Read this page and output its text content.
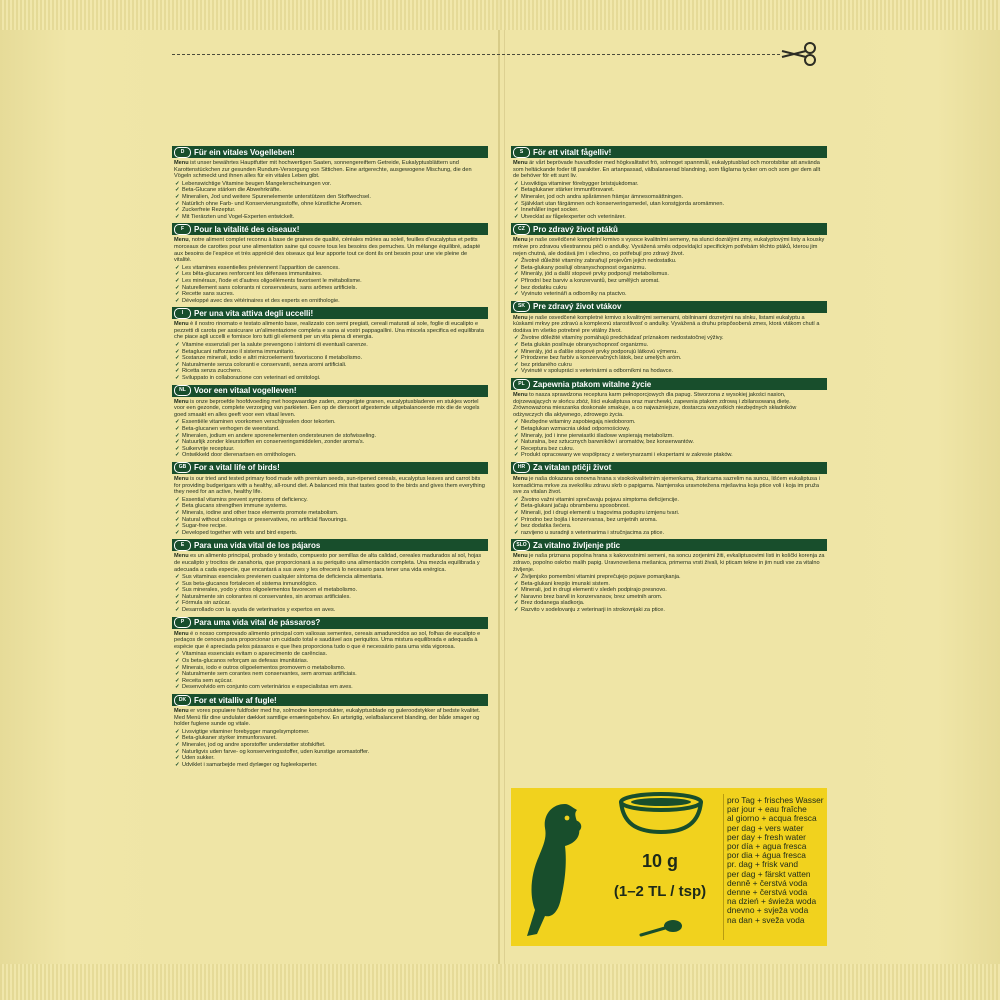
D	Für ein vitales Vogelleben!

Menu ist unser bewährtes Hauptfutter mit hochwertigen Saaten, sonnengereiftem Getreide, Eukalyptusblättern und Karottenstückchen zur gesunden Rundum-Versorgung von Sittichen. Eine artgerechte, ausgewogene Mischung, die den Vögeln schmeckt und ihnen alles für ein vitales Leben gibt.

✓ Lebenswichtige Vitamine beugen Mangelerscheinungen vor.
✓ Beta-Glucane stärken die Abwehrkräfte.
✓ Mineralien, Jod und weitere Spurenelemente unterstützen den Stoffwechsel.
✓ Natürlich ohne Farb- und Konservierungsstoffe, ohne künstliche Aromen.
✓ Zuckerfreie Rezeptur.
✓ Mit Tierärzten und Vogel-Experten entwickelt.
F	Pour la vitalité des oiseaux!

Menu, notre aliment complet reconnu à base de graines de qualité, céréales mûries au soleil, feuilles d'eucalyptus et petits morceaux de carottes pour une alimentation saine qui couvre tous les besoins des perruches. Un mélange équilibré, adapté aux besoins de l'espèce et très apprécié des oiseaux qui leur apporte tout ce dont ils ont besoin pour une vie pleine de vitalité.

✓ Les vitamines essentielles préviennent l'apparition de carences.
✓ Les bêta-glucanes renforcent les défenses immunitaires.
✓ Les minéraux, l'iode et d'autres oligoéléments favorisent le métabolisme.
✓ Naturellement sans colorants ni conservateurs, sans arômes artificiels.
✓ Recette sans sucres.
✓ Développé avec des vétérinaires et des experts en ornithologie.
I	Per una vita attiva degli uccelli!

Menu è il nostro rinomato e testato alimento base, realizzato con semi pregiati, cereali maturati al sole, foglie di eucalipto e pezzetti di carota per assicurare un'alimentazione completa e sana ai vostri pappagallini. Una miscela specifica ed equilibrata che piace agli uccelli e fornisce loro tutti gli elementi per un vita piena di energia.

✓ Vitamine essenziali per la salute prevengono i sintomi di eventuali carenze.
✓ Betaglucani rafforzano il sistema immunitario.
✓ Sostanze minerali, iodio e altri microelementi favoriscono il metabolismo.
✓ Naturalmente senza coloranti e conservanti, senza aromi artificiali.
✓ Ricetta senza zucchero.
✓ Sviluppato in collaborazione con veterinari ed ornitologi.
NL	Voor een vitaal vogelleven!

Menu is onze beproefde hoofdvoeding met hoogwaardige zaden, zongerijpte granen, eucalyptusbladeren en stukjes wortel voor een gezonde, complete verzorging van parkieten. Een op de diersoort afgestemde uitgebalanceerde mix die de vogels goed smaakt en alles geeft voor een vitaal leven.

✓ Essentiële vitaminen voorkomen verschijnselen door tekorten.
✓ Beta-glucanen verhogen de weerstand.
✓ Mineralen, jodium en andere sporenelementen ondersteunen de stofwisseling.
✓ Natuurlijk zonder kleurstoffen en conserveringsmiddelen, zonder aroma's.
✓ Suikervrije receptuur.
✓ Ontwikkeld door dierenartsen en ornithologen.
GB For a vital life of birds!

Menu is our tried and tested primary food made with premium seeds, sun-ripened cereals, eucalyptus leaves and carrot bits for providing budgerigars with a healthy, all-round diet. A balanced mix that tastes good to the birds and gives them everything they need for an active, healthy life.

✓ Essential vitamins prevent symptoms of deficiency.
✓ Beta glucans strengthen immune systems.
✓ Minerals, iodine and other trace elements promote metabolism.
✓ Natural without colourings or preservatives, no artificial flavourings.
✓ Sugar-free recipe.
✓ Developed together with vets and bird experts.
E	Para una vida vital de los pájaros

Menu es un alimento principal, probado y testado, compuesto por semillas de alta calidad, cereales madurados al sol, hojas de eucalipto y trocitos de zanahoria, que proporcionará a su periquito una alimentación completa. Una mezcla equilibrada y adecuada a cada especie, que encantará a sus aves y les ofrecerá lo necesario para tener una vida enérgica.

✓ Sus vitaminas esenciales previenen cualquier síntoma de deficiencia alimentaria.
✓ Sus beta-glucanos fortalecen el sistema inmunológico.
✓ Sus minerales, yodo y otros oligoelementos favorecen el metabolismo.
✓ Naturalmente sin colorantes ni conservantes, sin aromas artificiales.
✓ Fórmula sin azúcar.
✓ Desarrollado con la ayuda de veterinarios y expertos en aves.
P	Para uma vida vital de pássaros?

Menu é o nosso comprovado alimento principal com valiosas sementes, cereais amadurecidos ao sol, folhas de eucalipto e pedaços de cenoura para proporcionar um cuidado total e saudável aos periquitos. Uma mistura equilibrada e adequada à espécie que é apreciada pelos pássaros e que lhes proporciona tudo o que é necessário para uma vida vigorosa.

✓ Vitaminas essenciais evitam o aparecimento de carências.
✓ Os beta-glucanos reforçam as defesas imunitárias.
✓ Minerais, iodo e outros oligoelementos promovem o metabolismo.
✓ Naturalmente sem corantes nem conservantes, sem aromas artificiais.
✓ Receita sem açúcar.
✓ Desenvolvido em conjunto com veterinários e especialistas em aves.
DK For et vitalliv af fugle!

Menu er vores populære fuldfoder med frø, solmodne kornprodukter, eukalyptusblade og guleroodstykker af bedste kvalitet. Med Menü får dine undulater dækket samtlige ernæringsbehov. En artsrigtig, velafbalanceret blanding, der både smager og holder fuglene sunde og vitale.

✓ Livsvigtige vitaminer forebygger mangelsymptomer.
✓ Beta-glukaner styrker immunforsvaret.
✓ Mineraler, jod og andre sporstoffer understøtter stofskiftet.
✓ Naturligvis uden farve- og konserveringsstoffer, uden kunstige aromastoffer.
✓ Uden sukker.
✓ Udviklet i samarbejde med dyrlæger og fugleeksperter.
S	För ett vitalt fågelliv!

Menu är vårt beprövade huvudfoder med högkvalitativt frö, solmoget spannmål, eukalyptusblad och morotsbitar att använda som heltäckande foder till parakiter. En artanpassad, välbalanserad blandning, som fåglarna tycker om och som ger dem allt de behöver för ett sunt liv.

✓ Livsviktiga vitaminer förebygger bristsjukdomar.
✓ Betaglukaner stärker immunförsvaret.
✓ Mineraler, jod och andra spårämnen främjar ämnesomsättningen.
✓ Självklart utan färgämnen och konserveringsmedel, utan konstgjorda aromämnen.
✓ Innehåller inget socker.
✓ Utvecklat av fågelexperter och veterinärer.
CZ	Pro zdravý život ptáků

Menu je naše osvědčené kompletní krmivo s vysoce kvalitními semeny, na slunci dozrálými zrny, eukalyptovými listy a kousky mrkve pro zdravou všestrannou péči o andulky. Vyvážená směs odpovídající specifickým potřebám těchto ptáků, kterou jim nejen chutná, ale dodává jim i všechno, co potřebují pro zdravý život.

✓ Životně důležité vitamíny zabraňují projevům jejich nedostatku.
✓ Beta-glukany posilují obranyschopnost organizmu.
✓ Minerály, jód a další stopové prvky podporují metabolismus.
✓ Přírodní bez barviv a konzervantů, bez umělých aromat.
✓ bez dodatku cukru
✓ Vyvinuto veterináři a odborníky na ptactvo.
SK	Pre zdravý život vtákov

Menu je naše osvedčené kompletné krmivo s kvalitnými semenami, obilninami dozretými na slnku, listami eukalyptu a kúskami mrkvy pre zdravú a komplexnú starostlivosť o andulky. Vyvážená a druhu prispôsobená zmes, ktorá vtákom chutí a dodáva im všetko potrebné pre vitálny život.

✓ Životne dôležité vitamíny pomáhajú predchádzať príznakom nedostatočnej výživy.
✓ Beta glukán posilnuje obranyschopnosť organizmu.
✓ Minerály, jód a ďalšie stopové prvky podporujú látkovú výmenu.
✓ Prirodzene bez farbív a konzervačných látok, bez umelých aróm.
✓ bez pridaného cukru
✓ Vyvinuté v spolupráci s veterinármi a odborníkmi na hodavce.
PL	Zapewnia ptakom witalne życie

Menu to nasza sprawdzona receptura karm pełnoporcjowych dla papug. Stworzona z wysokiej jakości nasion, dojrzewających w słońcu zbóż, liści eukaliptusa oraz marchewki, zapewnia ptakom zdrową i zbilansowaną dietę. Zrównoważona mieszanka doskonale smakuje, a co najważniejsze, dostarcza wszystkich niezbędnych składników odżywczych dla aktywnego, zdrowego życia.

✓ Niezbędne witaminy zapobiegają niedoborom.
✓ Betaglukan wzmacnia układ odpornościowy.
✓ Minerały, jod i inne pierwiastki śladowe wspierają metabolizm.
✓ Naturalna, bez sztucznych barwników i aromatów, bez konserwantów.
✓ Receptura bez cukru.
✓ Produkt opracowany we współpracy z weterynarzami i ekspertami w zakresie ptaków.
HR Za vitalan ptičji život

Menu je naša dokazana osnovna hrana s visokokvalitetnim sjemenkama, žitaricama sazrelim na suncu, lišćem eukaliptusa i komadićima mrkve za svekoliku zdravu skrb o papigama. Namjenska uravnotežena mješavina koja ptice voli i koja im pruža sve za vitalan život.

✓ Životno važni vitamini sprečavaju pojavu simptoma deficijencije.
✓ Beta-glukani jačaju obrambenu sposobnost.
✓ Minerali, jod i drugi elementi u tragovima podupiru izmjenu tvari.
✓ Prirodno bez bojila i konzervansa, bez umjetnih aroma.
✓ bez dodatka šećera.
✓ razvijeno u suradnji s veterinarima i stručnjacima za ptice.
SLO Za vitalno življenje ptic

Menu je naša priznana popolna hrana s kakovostnimi semeni, na soncu zorjenimi žiti, evkaliptusovimi listi in koščki korenja za zdravo, popolno oskrbo malih papig. Uravnovešena mešanica, primerna vrsti živali, ki pticam tekne in jim nudi vse za vitalno življenje.

✓ Življenjsko pomembni vitamini preprečujejo pojave pomanjkanja.
✓ Beta-glukani krepijo imunski sistem.
✓ Minerali, jod in drugi elementi v sledeh podpirajo presnovo.
✓ Naravno brez barvil in konzervansov, brez umetnih arom.
✓ Brez dodanega sladkorja.
✓ Razvito v sodelovanju z veterinarji in strokovnjaki za ptice.
10 g
(1–2 TL / tsp)
pro Tag + frisches Wasser
par jour + eau fraîche
al giorno + acqua fresca
per dag + vers water
per day + fresh water
por día + agua fresca
por dia + água fresca
pr. dag + frisk vand
per dag + färskt vatten
denně + čerstvá voda
denne + čerstvá voda
na dzień + świeża woda
dnevno + svježa voda
na dan + sveža voda
